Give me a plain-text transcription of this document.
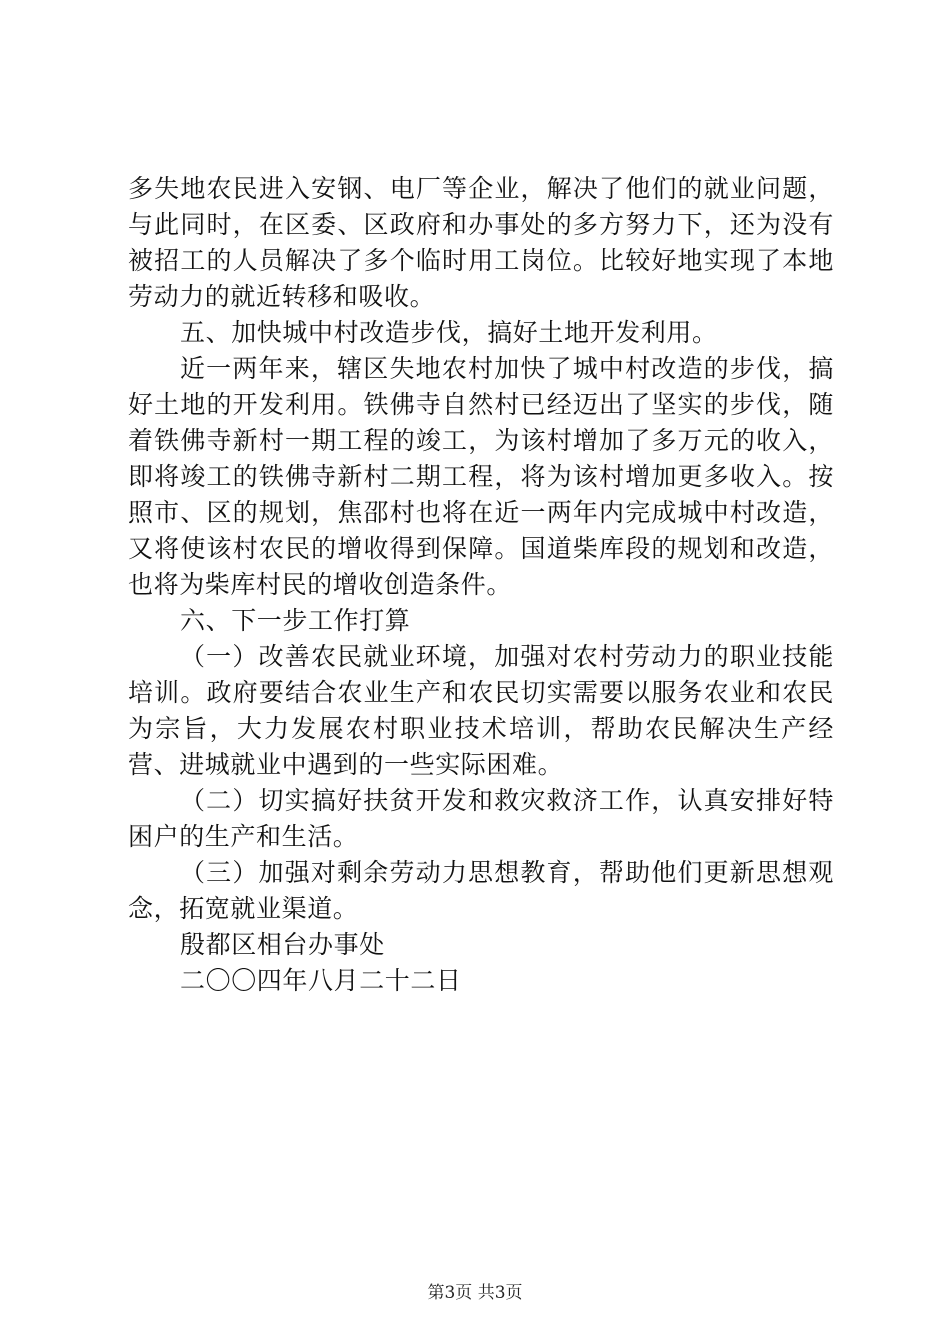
多失地农民进入安钢、电厂等企业，解决了他们的就业问题，与此同时，在区委、区政府和办事处的多方努力下，还为没有被招工的人员解决了多个临时用工岗位。比较好地实现了本地劳动力的就近转移和吸收。

五、加快城中村改造步伐，搞好土地开发利用。

近一两年来，辖区失地农村加快了城中村改造的步伐，搞好土地的开发利用。铁佛寺自然村已经迈出了坚实的步伐，随着铁佛寺新村一期工程的竣工，为该村增加了多万元的收入，即将竣工的铁佛寺新村二期工程，将为该村增加更多收入。按照市、区的规划，焦邵村也将在近一两年内完成城中村改造，又将使该村农民的增收得到保障。国道柴库段的规划和改造，也将为柴库村民的增收创造条件。

六、下一步工作打算

（一）改善农民就业环境，加强对农村劳动力的职业技能培训。政府要结合农业生产和农民切实需要以服务农业和农民为宗旨，大力发展农村职业技术培训，帮助农民解决生产经营、进城就业中遇到的一些实际困难。

（二）切实搞好扶贫开发和救灾救济工作，认真安排好特困户的生产和生活。

（三）加强对剩余劳动力思想教育，帮助他们更新思想观念，拓宽就业渠道。

殷都区相台办事处

二〇〇四年八月二十二日

第3页 共3页
